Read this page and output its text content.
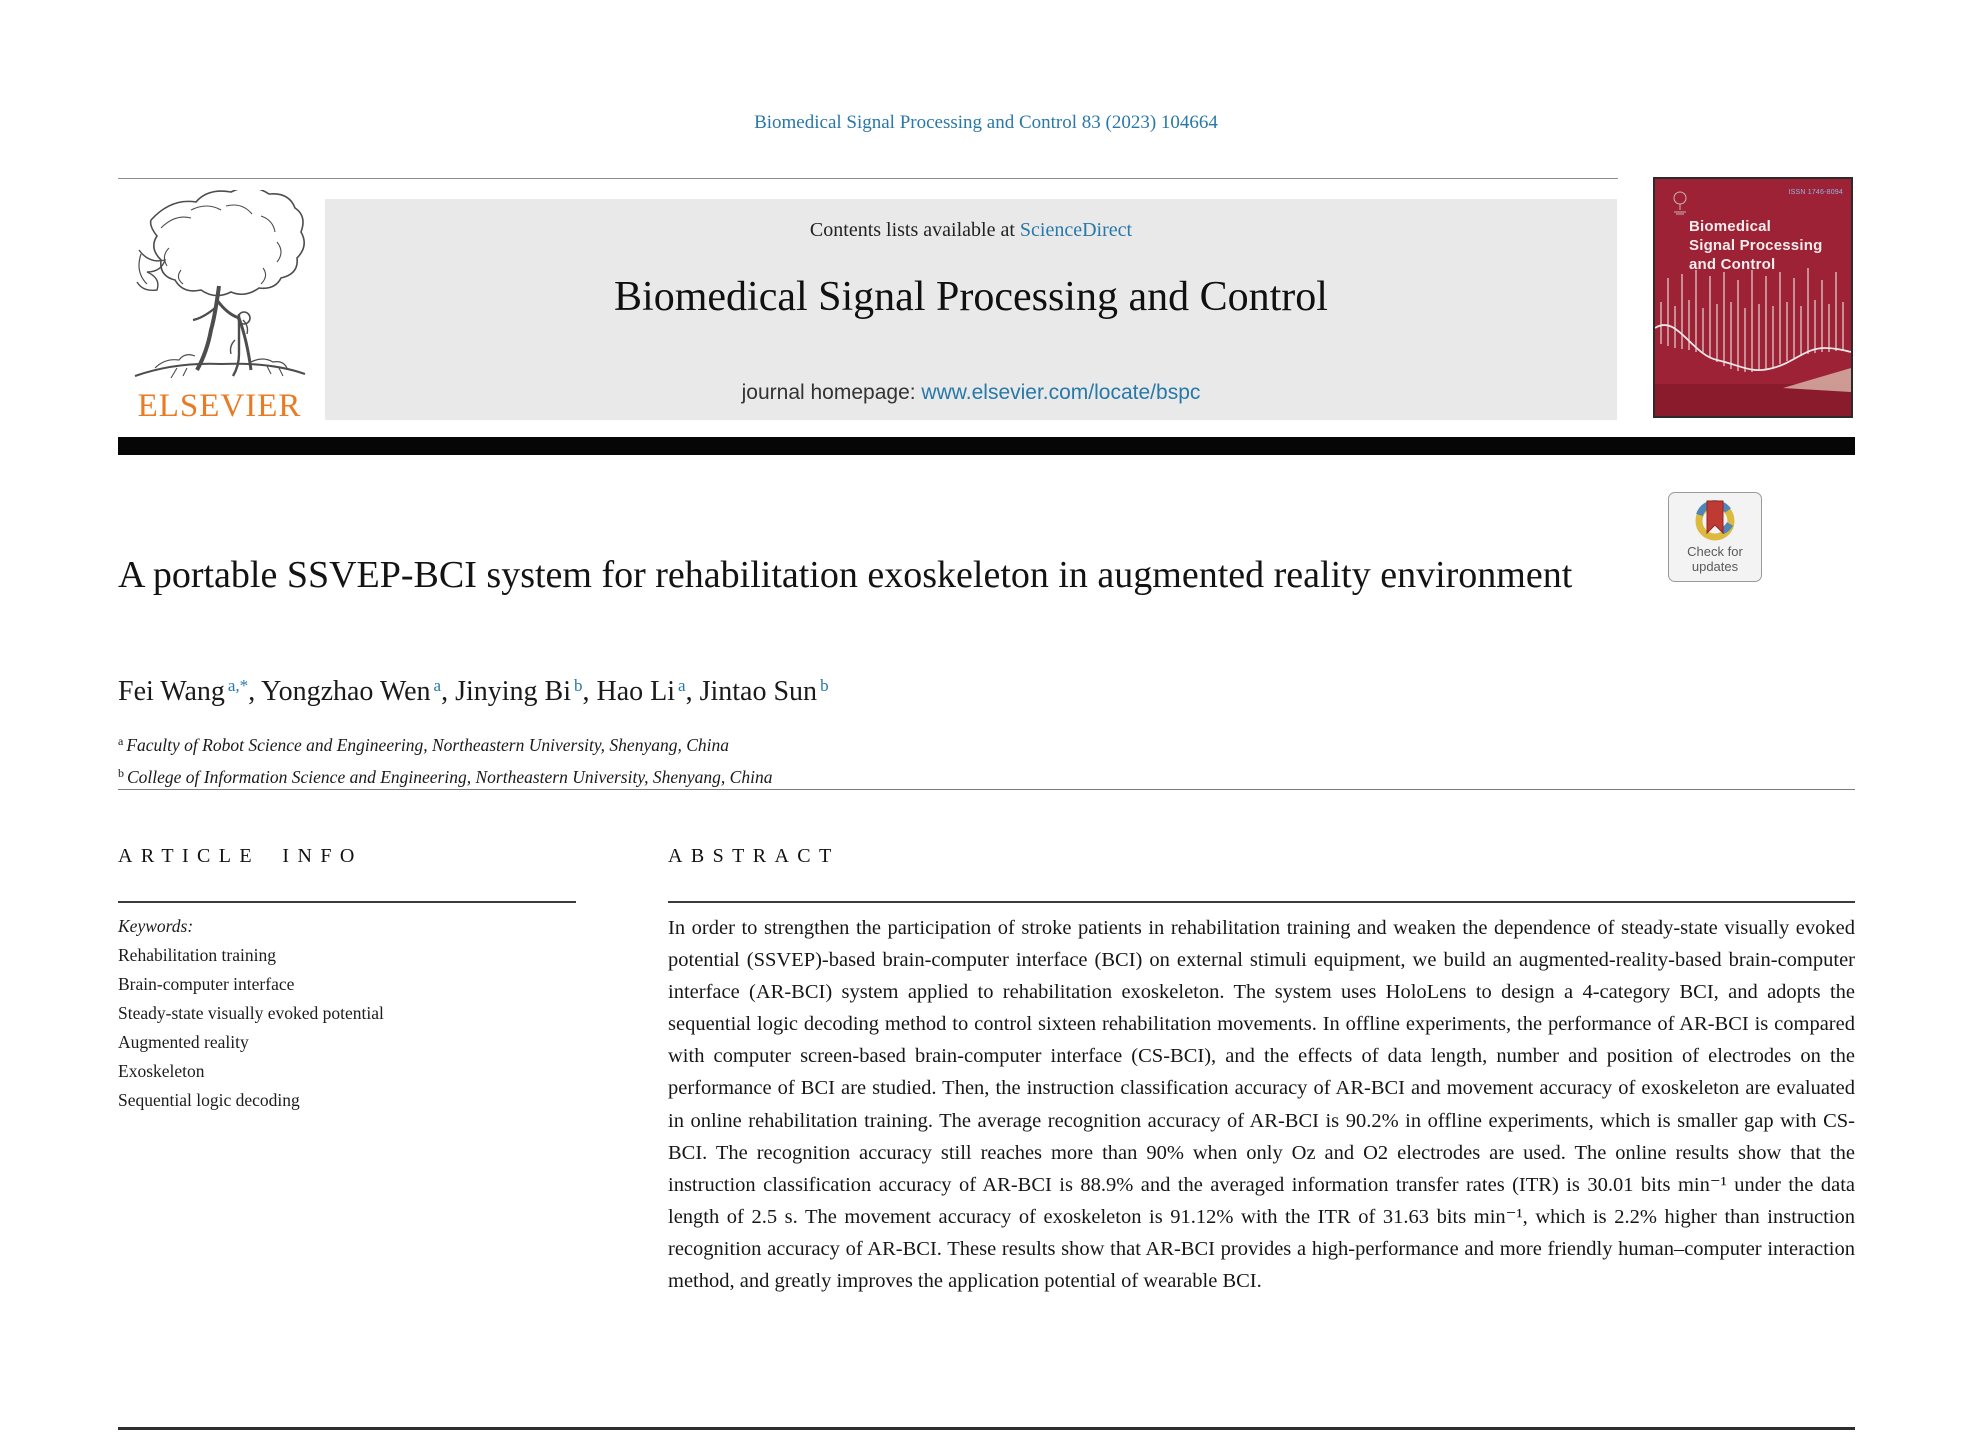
Biomedical Signal Processing and Control 83 (2023) 104664
ELSEVIER
Contents lists available at ScienceDirect
Biomedical Signal Processing and Control
journal homepage: www.elsevier.com/locate/bspc
ISSN 1746-8094
Biomedical
Signal Processing
and Control
Check for
updates
A portable SSVEP-BCI system for rehabilitation exoskeleton in augmented reality environment
Fei Wang $^{a,*}$, Yongzhao Wen $^a$, Jinying Bi $^b$, Hao Li $^a$, Jintao Sun $^b$
$^a$ Faculty of Robot Science and Engineering, Northeastern University, Shenyang, China
$^b$ College of Information Science and Engineering, Northeastern University, Shenyang, China
ARTICLE INFO
Keywords:
Rehabilitation training
Brain-computer interface
Steady-state visually evoked potential
Augmented reality
Exoskeleton
Sequential logic decoding
ABSTRACT

In order to strengthen the participation of stroke patients in rehabilitation training and weaken the dependence of steady-state visually evoked potential (SSVEP)-based brain-computer interface (BCI) on external stimuli equipment, we build an augmented-reality-based brain-computer interface (AR-BCI) system applied to rehabilitation exoskeleton. The system uses HoloLens to design a 4-category BCI, and adopts the sequential logic decoding method to control sixteen rehabilitation movements. In offline experiments, the performance of AR-BCI is compared with computer screen-based brain-computer interface (CS-BCI), and the effects of data length, number and position of electrodes on the performance of BCI are studied. Then, the instruction classification accuracy of AR-BCI and movement accuracy of exoskeleton are evaluated in online rehabilitation training. The average recognition accuracy of AR-BCI is 90.2% in offline experiments, which is smaller gap with CS-BCI. The recognition accuracy still reaches more than 90% when only Oz and O2 electrodes are used. The online results show that the instruction classification accuracy of AR-BCI is 88.9% and the averaged information transfer rates (ITR) is 30.01 bits min⁻¹ under the data length of 2.5 s. The movement accuracy of exoskeleton is 91.12% with the ITR of 31.63 bits min⁻¹, which is 2.2% higher than instruction recognition accuracy of AR-BCI. These results show that AR-BCI provides a high-performance and more friendly human–computer interaction method, and greatly improves the application potential of wearable BCI.
